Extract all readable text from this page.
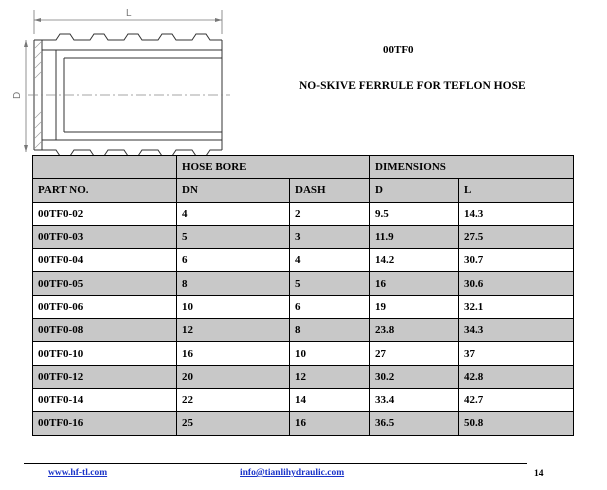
L
D
00TF0
NO-SKIVE FERRULE FOR TEFLON HOSE
	HOSE BORE		DIMENSIONS	
PART NO.	DN	DASH	D	L
00TF0-02	4	2	9.5	14.3
00TF0-03	5	3	11.9	27.5
00TF0-04	6	4	14.2	30.7
00TF0-05	8	5	16	30.6
00TF0-06	10	6	19	32.1
00TF0-08	12	8	23.8	34.3
00TF0-10	16	10	27	37
00TF0-12	20	12	30.2	42.8
00TF0-14	22	14	33.4	42.7
00TF0-16	25	16	36.5	50.8
www.hf-tl.com	info@tianlihydraulic.com	14
